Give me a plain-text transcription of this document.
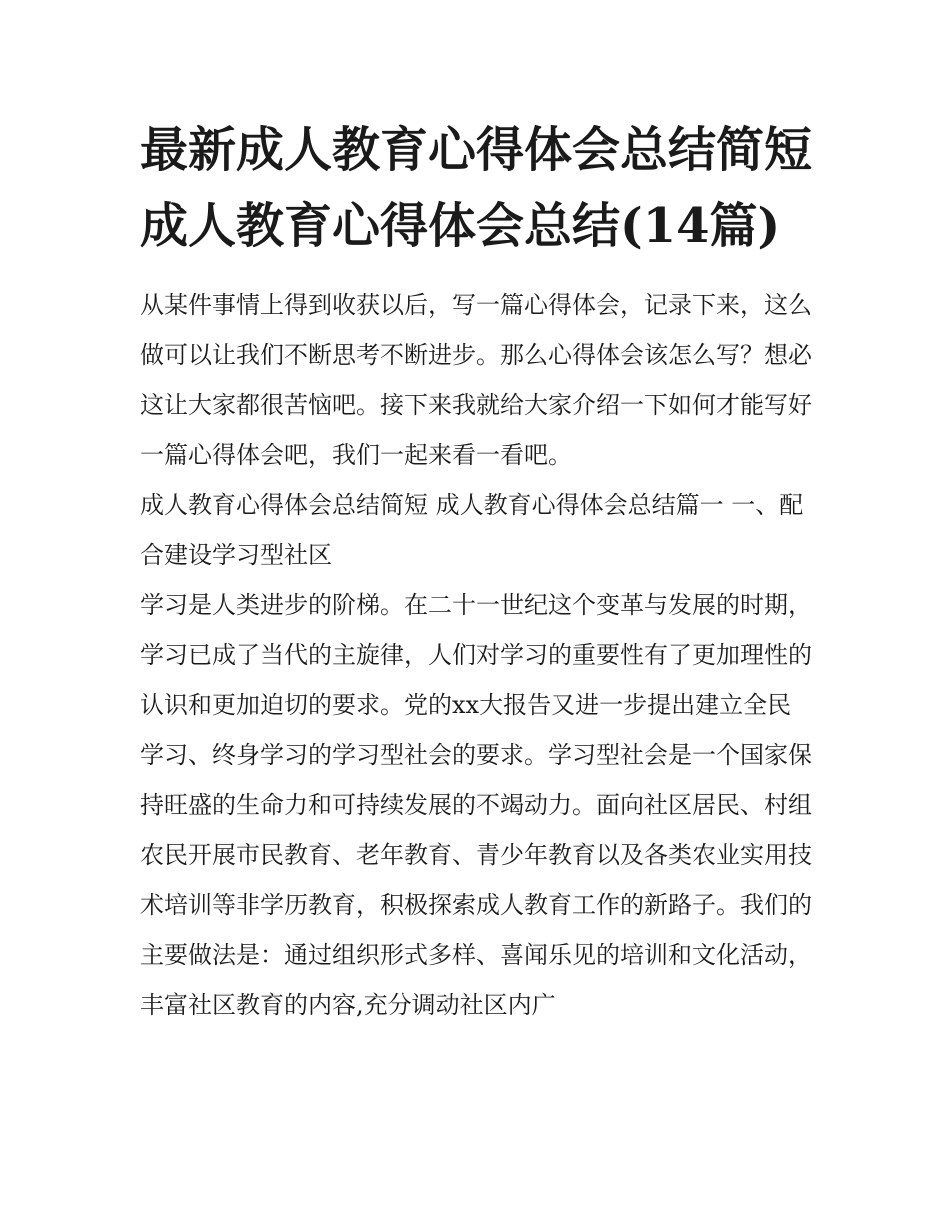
最新成人教育心得体会总结简短 成人教育心得体会总结(14篇)

从某件事情上得到收获以后，写一篇心得体会，记录下来，这么做可以让我们不断思考不断进步。那么心得体会该怎么写？想必这让大家都很苦恼吧。接下来我就给大家介绍一下如何才能写好一篇心得体会吧，我们一起来看一看吧。

成人教育心得体会总结简短 成人教育心得体会总结篇一 一、配合建设学习型社区

学习是人类进步的阶梯。在二十一世纪这个变革与发展的时期，学习已成了当代的主旋律，人们对学习的重要性有了更加理性的认识和更加迫切的要求。党的xx大报告又进一步提出建立全民学习、终身学习的学习型社会的要求。学习型社会是一个国家保持旺盛的生命力和可持续发展的不竭动力。面向社区居民、村组农民开展市民教育、老年教育、青少年教育以及各类农业实用技术培训等非学历教育，积极探索成人教育工作的新路子。我们的主要做法是：通过组织形式多样、喜闻乐见的培训和文化活动，丰富社区教育的内容,充分调动社区内广
